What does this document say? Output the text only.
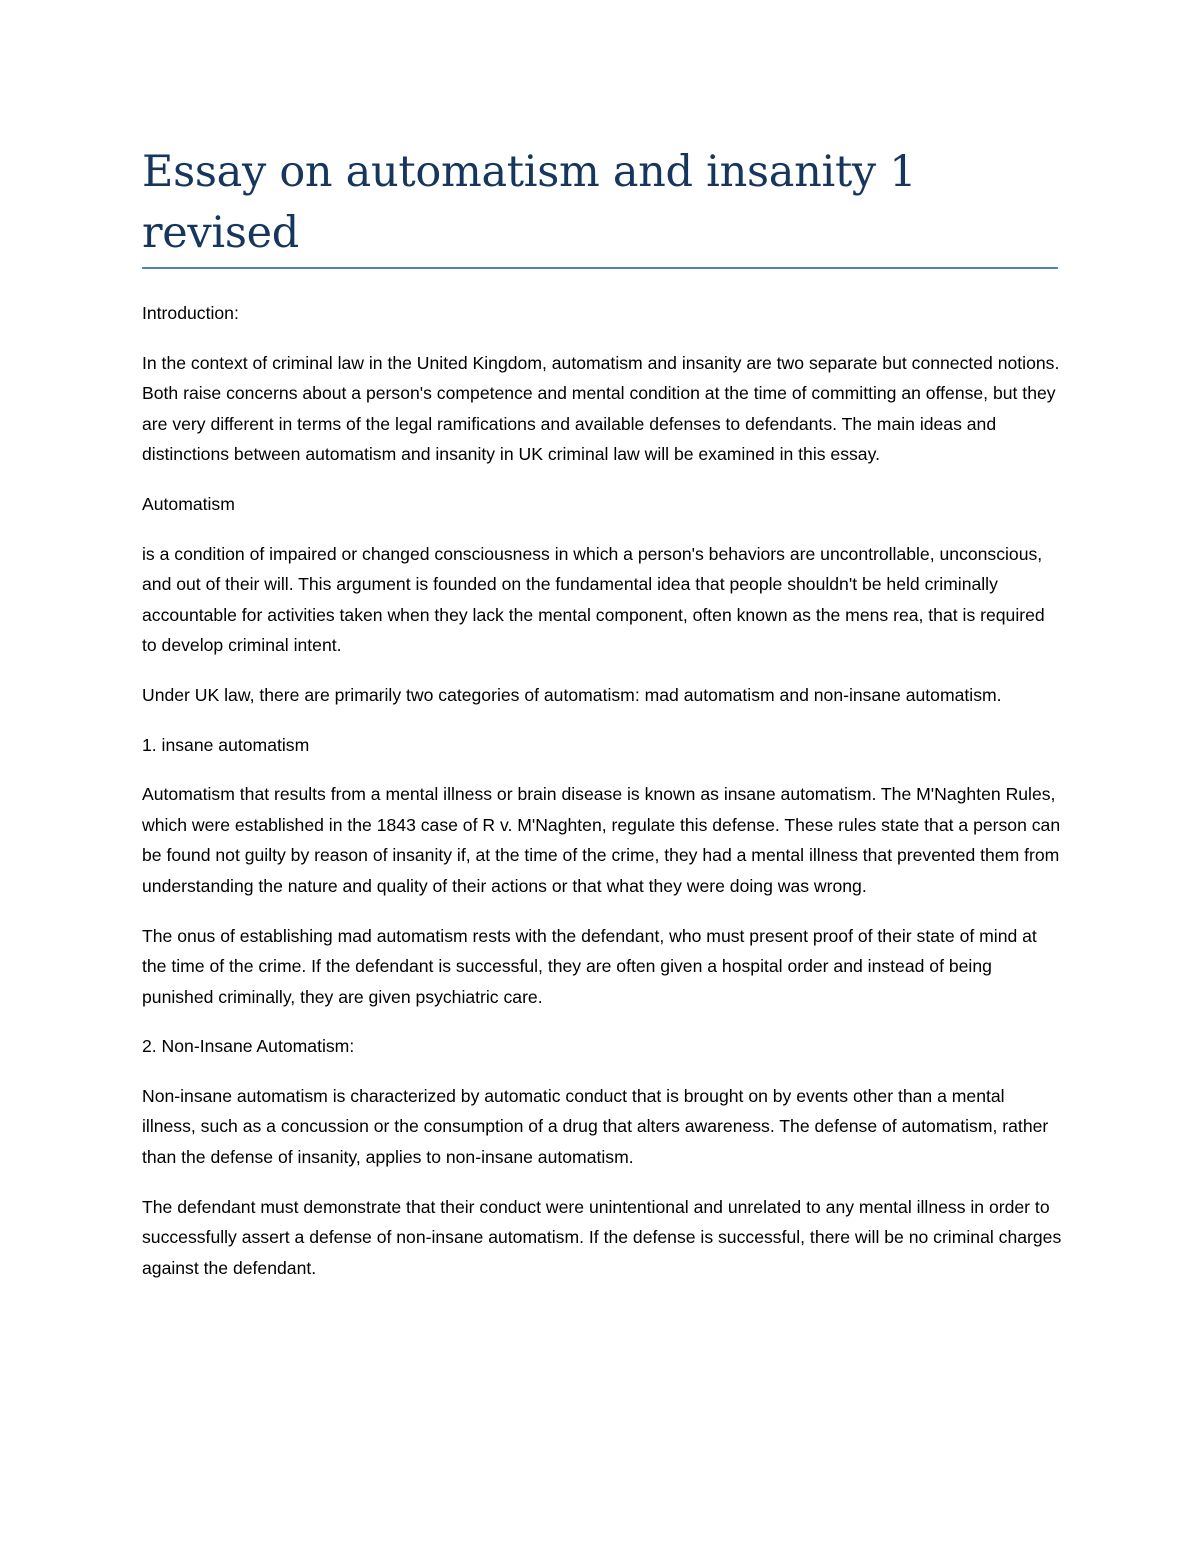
Essay on automatism and insanity 1 revised

Introduction:

In the context of criminal law in the United Kingdom, automatism and insanity are two separate but connected notions. Both raise concerns about a person's competence and mental condition at the time of committing an offense, but they are very different in terms of the legal ramifications and available defenses to defendants. The main ideas and distinctions between automatism and insanity in UK criminal law will be examined in this essay.

Automatism

is a condition of impaired or changed consciousness in which a person's behaviors are uncontrollable, unconscious, and out of their will. This argument is founded on the fundamental idea that people shouldn't be held criminally accountable for activities taken when they lack the mental component, often known as the mens rea, that is required to develop criminal intent.

Under UK law, there are primarily two categories of automatism: mad automatism and non-insane automatism.

1. insane automatism

Automatism that results from a mental illness or brain disease is known as insane automatism. The M'Naghten Rules, which were established in the 1843 case of R v. M'Naghten, regulate this defense. These rules state that a person can be found not guilty by reason of insanity if, at the time of the crime, they had a mental illness that prevented them from understanding the nature and quality of their actions or that what they were doing was wrong.

The onus of establishing mad automatism rests with the defendant, who must present proof of their state of mind at the time of the crime. If the defendant is successful, they are often given a hospital order and instead of being punished criminally, they are given psychiatric care.

2. Non-Insane Automatism:

Non-insane automatism is characterized by automatic conduct that is brought on by events other than a mental illness, such as a concussion or the consumption of a drug that alters awareness. The defense of automatism, rather than the defense of insanity, applies to non-insane automatism.

The defendant must demonstrate that their conduct were unintentional and unrelated to any mental illness in order to successfully assert a defense of non-insane automatism. If the defense is successful, there will be no criminal charges against the defendant.
